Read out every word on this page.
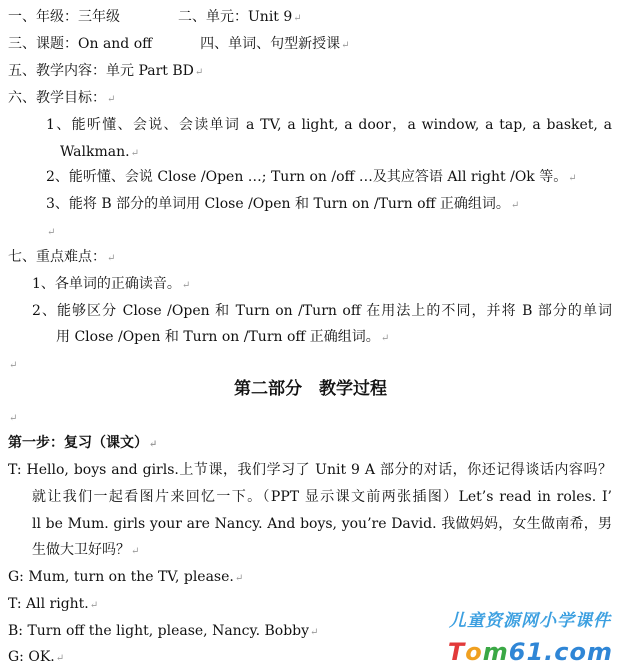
一、年级：三年级	二、单元：Unit 9↵
三、课题：On and off	四、单词、句型新授课↵
五、教学内容：单元 Part BD↵
六、教学目标：↵
1、能听懂、会说、会读单词 a TV, a light, a door，a window, a tap, a basket, a
Walkman.↵
2、能听懂、会说 Close /Open …; Turn on /off …及其应答语 All right /Ok 等。↵
3、能将 B 部分的单词用 Close /Open 和 Turn on /Turn off 正确组词。↵
↵
七、重点难点：↵
1、各单词的正确读音。↵
2、能够区分 Close /Open 和 Turn on /Turn off 在用法上的不同，并将 B 部分的单词
用 Close /Open 和 Turn on /Turn off 正确组词。↵
↵
第二部分　教学过程
↵
第一步：复习（课文）↵
T: Hello, boys and girls.上节课，我们学习了 Unit 9 A 部分的对话，你还记得谈话内容吗？
就让我们一起看图片来回忆一下。（PPT 显示课文前两张插图）Let’s read in roles. I’
ll be Mum. girls your are Nancy. And boys, you’re David. 我做妈妈，女生做南希，男
生做大卫好吗？↵
G: Mum, turn on the TV, please.↵
T: All right.↵
B: Turn off the light, please, Nancy. Bobby↵
G: OK.↵
儿童资源网小学课件
T o m 61.com
